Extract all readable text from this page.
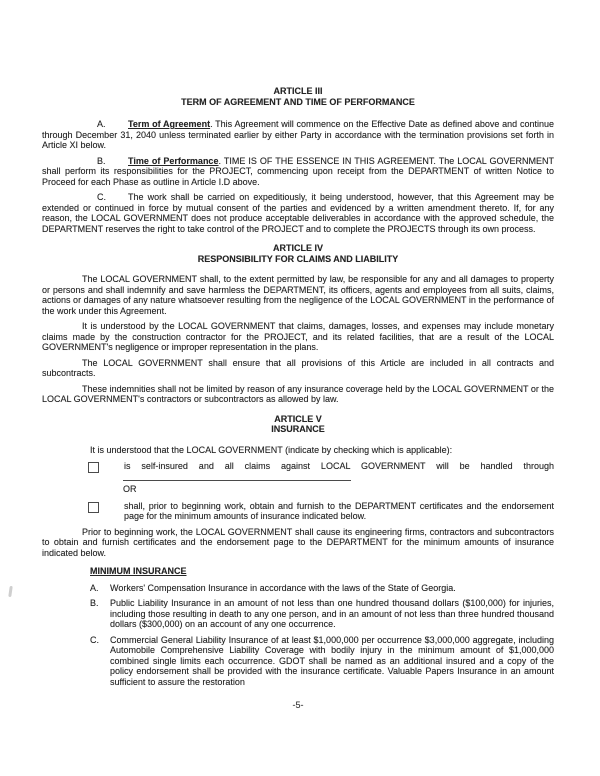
ARTICLE III
TERM OF AGREEMENT AND TIME OF PERFORMANCE

A. Term of Agreement. This Agreement will commence on the Effective Date as defined above and continue through December 31, 2040 unless terminated earlier by either Party in accordance with the termination provisions set forth in Article XI below.

B. Time of Performance. TIME IS OF THE ESSENCE IN THIS AGREEMENT. The LOCAL GOVERNMENT shall perform its responsibilities for the PROJECT, commencing upon receipt from the DEPARTMENT of written Notice to Proceed for each Phase as outline in Article I.D above.

C. The work shall be carried on expeditiously, it being understood, however, that this Agreement may be extended or continued in force by mutual consent of the parties and evidenced by a written amendment thereto. If, for any reason, the LOCAL GOVERNMENT does not produce acceptable deliverables in accordance with the approved schedule, the DEPARTMENT reserves the right to take control of the PROJECT and to complete the PROJECTS through its own process.

ARTICLE IV
RESPONSIBILITY FOR CLAIMS AND LIABILITY

The LOCAL GOVERNMENT shall, to the extent permitted by law, be responsible for any and all damages to property or persons and shall indemnify and save harmless the DEPARTMENT, its officers, agents and employees from all suits, claims, actions or damages of any nature whatsoever resulting from the negligence of the LOCAL GOVERNMENT in the performance of the work under this Agreement.

It is understood by the LOCAL GOVERNMENT that claims, damages, losses, and expenses may include monetary claims made by the construction contractor for the PROJECT, and its related facilities, that are a result of the LOCAL GOVERNMENT's negligence or improper representation in the plans.

The LOCAL GOVERNMENT shall ensure that all provisions of this Article are included in all contracts and subcontracts.

These indemnities shall not be limited by reason of any insurance coverage held by the LOCAL GOVERNMENT or the LOCAL GOVERNMENT's contractors or subcontractors as allowed by law.

ARTICLE V
INSURANCE

It is understood that the LOCAL GOVERNMENT (indicate by checking which is applicable):

is self-insured and all claims against LOCAL GOVERNMENT will be handled through
OR
shall, prior to beginning work, obtain and furnish to the DEPARTMENT certificates and the endorsement page for the minimum amounts of insurance indicated below.

Prior to beginning work, the LOCAL GOVERNMENT shall cause its engineering firms, contractors and subcontractors to obtain and furnish certificates and the endorsement page to the DEPARTMENT for the minimum amounts of insurance indicated below.

MINIMUM INSURANCE
A.	Workers' Compensation Insurance in accordance with the laws of the State of Georgia.
B.	Public Liability Insurance in an amount of not less than one hundred thousand dollars ($100,000) for injuries, including those resulting in death to any one person, and in an amount of not less than three hundred thousand dollars ($300,000) on an account of any one occurrence.
C.	Commercial General Liability Insurance of at least $1,000,000 per occurrence $3,000,000 aggregate, including Automobile Comprehensive Liability Coverage with bodily injury in the minimum amount of $1,000,000 combined single limits each occurrence. GDOT shall be named as an additional insured and a copy of the policy endorsement shall be provided with the insurance certificate. Valuable Papers Insurance in an amount sufficient to assure the restoration
-5-
